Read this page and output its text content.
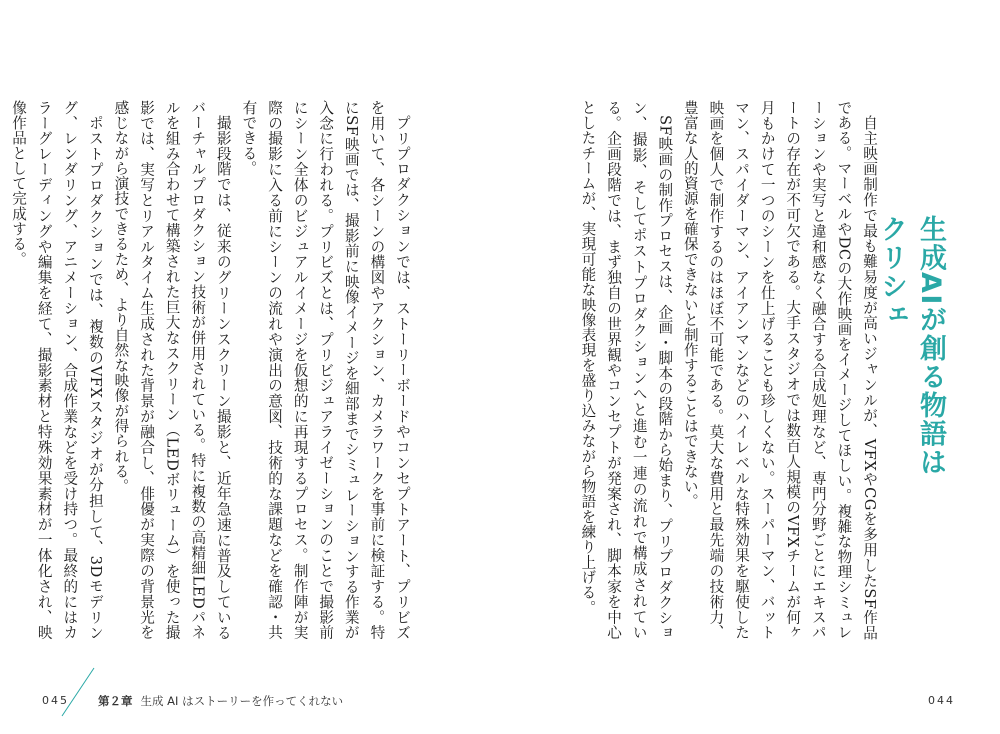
生成AIが創る物語はクリシェ

自主映画制作で最も難易度が高いジャンルが、VFXやCGを多用したSF作品である。マーベルやDCの大作映画をイメージしてほしい。複雑な物理シミュレーションや実写と違和感なく融合する合成処理など、専門分野ごとにエキスパートの存在が不可欠である。大手スタジオでは数百人規模のVFXチームが何ヶ月もかけて一つのシーンを仕上げることも珍しくない。スーパーマン、バットマン、スパイダーマン、アイアンマンなどのハイレベルな特殊効果を駆使した映画を個人で制作するのはほぼ不可能である。莫大な費用と最先端の技術力、豊富な人的資源を確保できないと制作することはできない。

SF映画の制作プロセスは、企画・脚本の段階から始まり、プリプロダクション、撮影、そしてポストプロダクションへと進む一連の流れで構成されている。企画段階では、まず独自の世界観やコンセプトが発案され、脚本家を中心としたチームが、実現可能な映像表現を盛り込みながら物語を練り上げる。

プリプロダクションでは、ストーリーボードやコンセプトアート、プリビズを用いて、各シーンの構図やアクション、カメラワークを事前に検証する。特にSF映画では、撮影前に映像イメージを細部までシミュレーションする作業が入念に行われる。プリビズとは、プリビジュアライゼーションのことで撮影前にシーン全体のビジュアルイメージを仮想的に再現するプロセス。制作陣が実際の撮影に入る前にシーンの流れや演出の意図、技術的な課題などを確認・共有できる。

撮影段階では、従来のグリーンスクリーン撮影と、近年急速に普及しているバーチャルプロダクション技術が併用されている。特に複数の高精細LEDパネルを組み合わせて構築された巨大なスクリーン（LEDボリューム）を使った撮影では、実写とリアルタイム生成された背景が融合し、俳優が実際の背景光を感じながら演技できるため、より自然な映像が得られる。

ポストプロダクションでは、複数のVFXスタジオが分担して、3Dモデリング、レンダリング、アニメーション、合成作業などを受け持つ。最終的にはカラーグレーディングや編集を経て、撮影素材と特殊効果素材が一体化され、映像作品として完成する。

045	第２章 生成 AI はストーリーを作ってくれない	044
